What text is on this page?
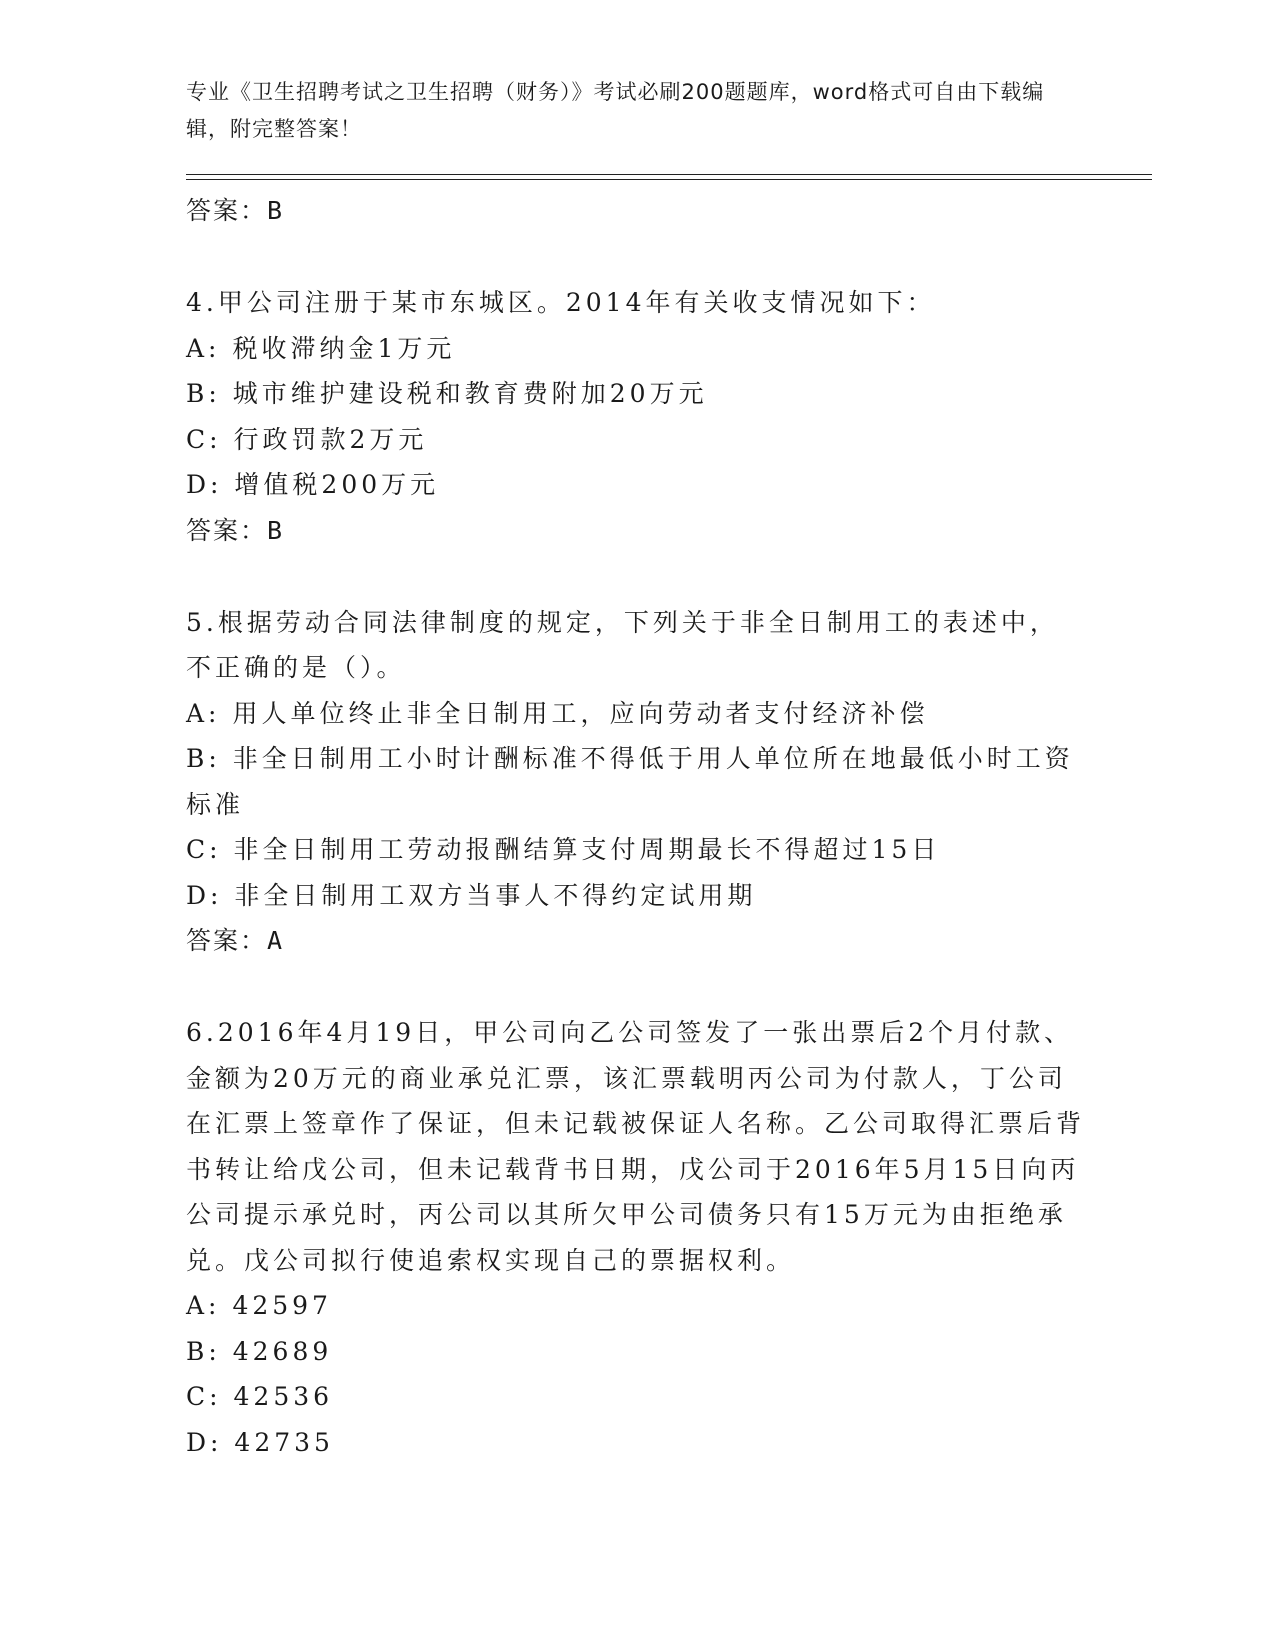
专业《卫生招聘考试之卫生招聘（财务）》考试必刷200题题库，word格式可自由下载编辑，附完整答案！
答案：B
4.甲公司注册于某市东城区。2014年有关收支情况如下：
A: 税收滞纳金1万元
B: 城市维护建设税和教育费附加20万元
C: 行政罚款2万元
D: 增值税200万元
答案：B
5.根据劳动合同法律制度的规定，下列关于非全日制用工的表述中，不正确的是（）。
A: 用人单位终止非全日制用工，应向劳动者支付经济补偿
B: 非全日制用工小时计酬标准不得低于用人单位所在地最低小时工资标准
C: 非全日制用工劳动报酬结算支付周期最长不得超过15日
D: 非全日制用工双方当事人不得约定试用期
答案：A
6.2016年4月19日，甲公司向乙公司签发了一张出票后2个月付款、金额为20万元的商业承兑汇票，该汇票载明丙公司为付款人，丁公司在汇票上签章作了保证，但未记载被保证人名称。乙公司取得汇票后背书转让给戊公司，但未记载背书日期，戊公司于2016年5月15日向丙公司提示承兑时，丙公司以其所欠甲公司债务只有15万元为由拒绝承兑。戊公司拟行使追索权实现自己的票据权利。
A: 42597
B: 42689
C: 42536
D: 42735
